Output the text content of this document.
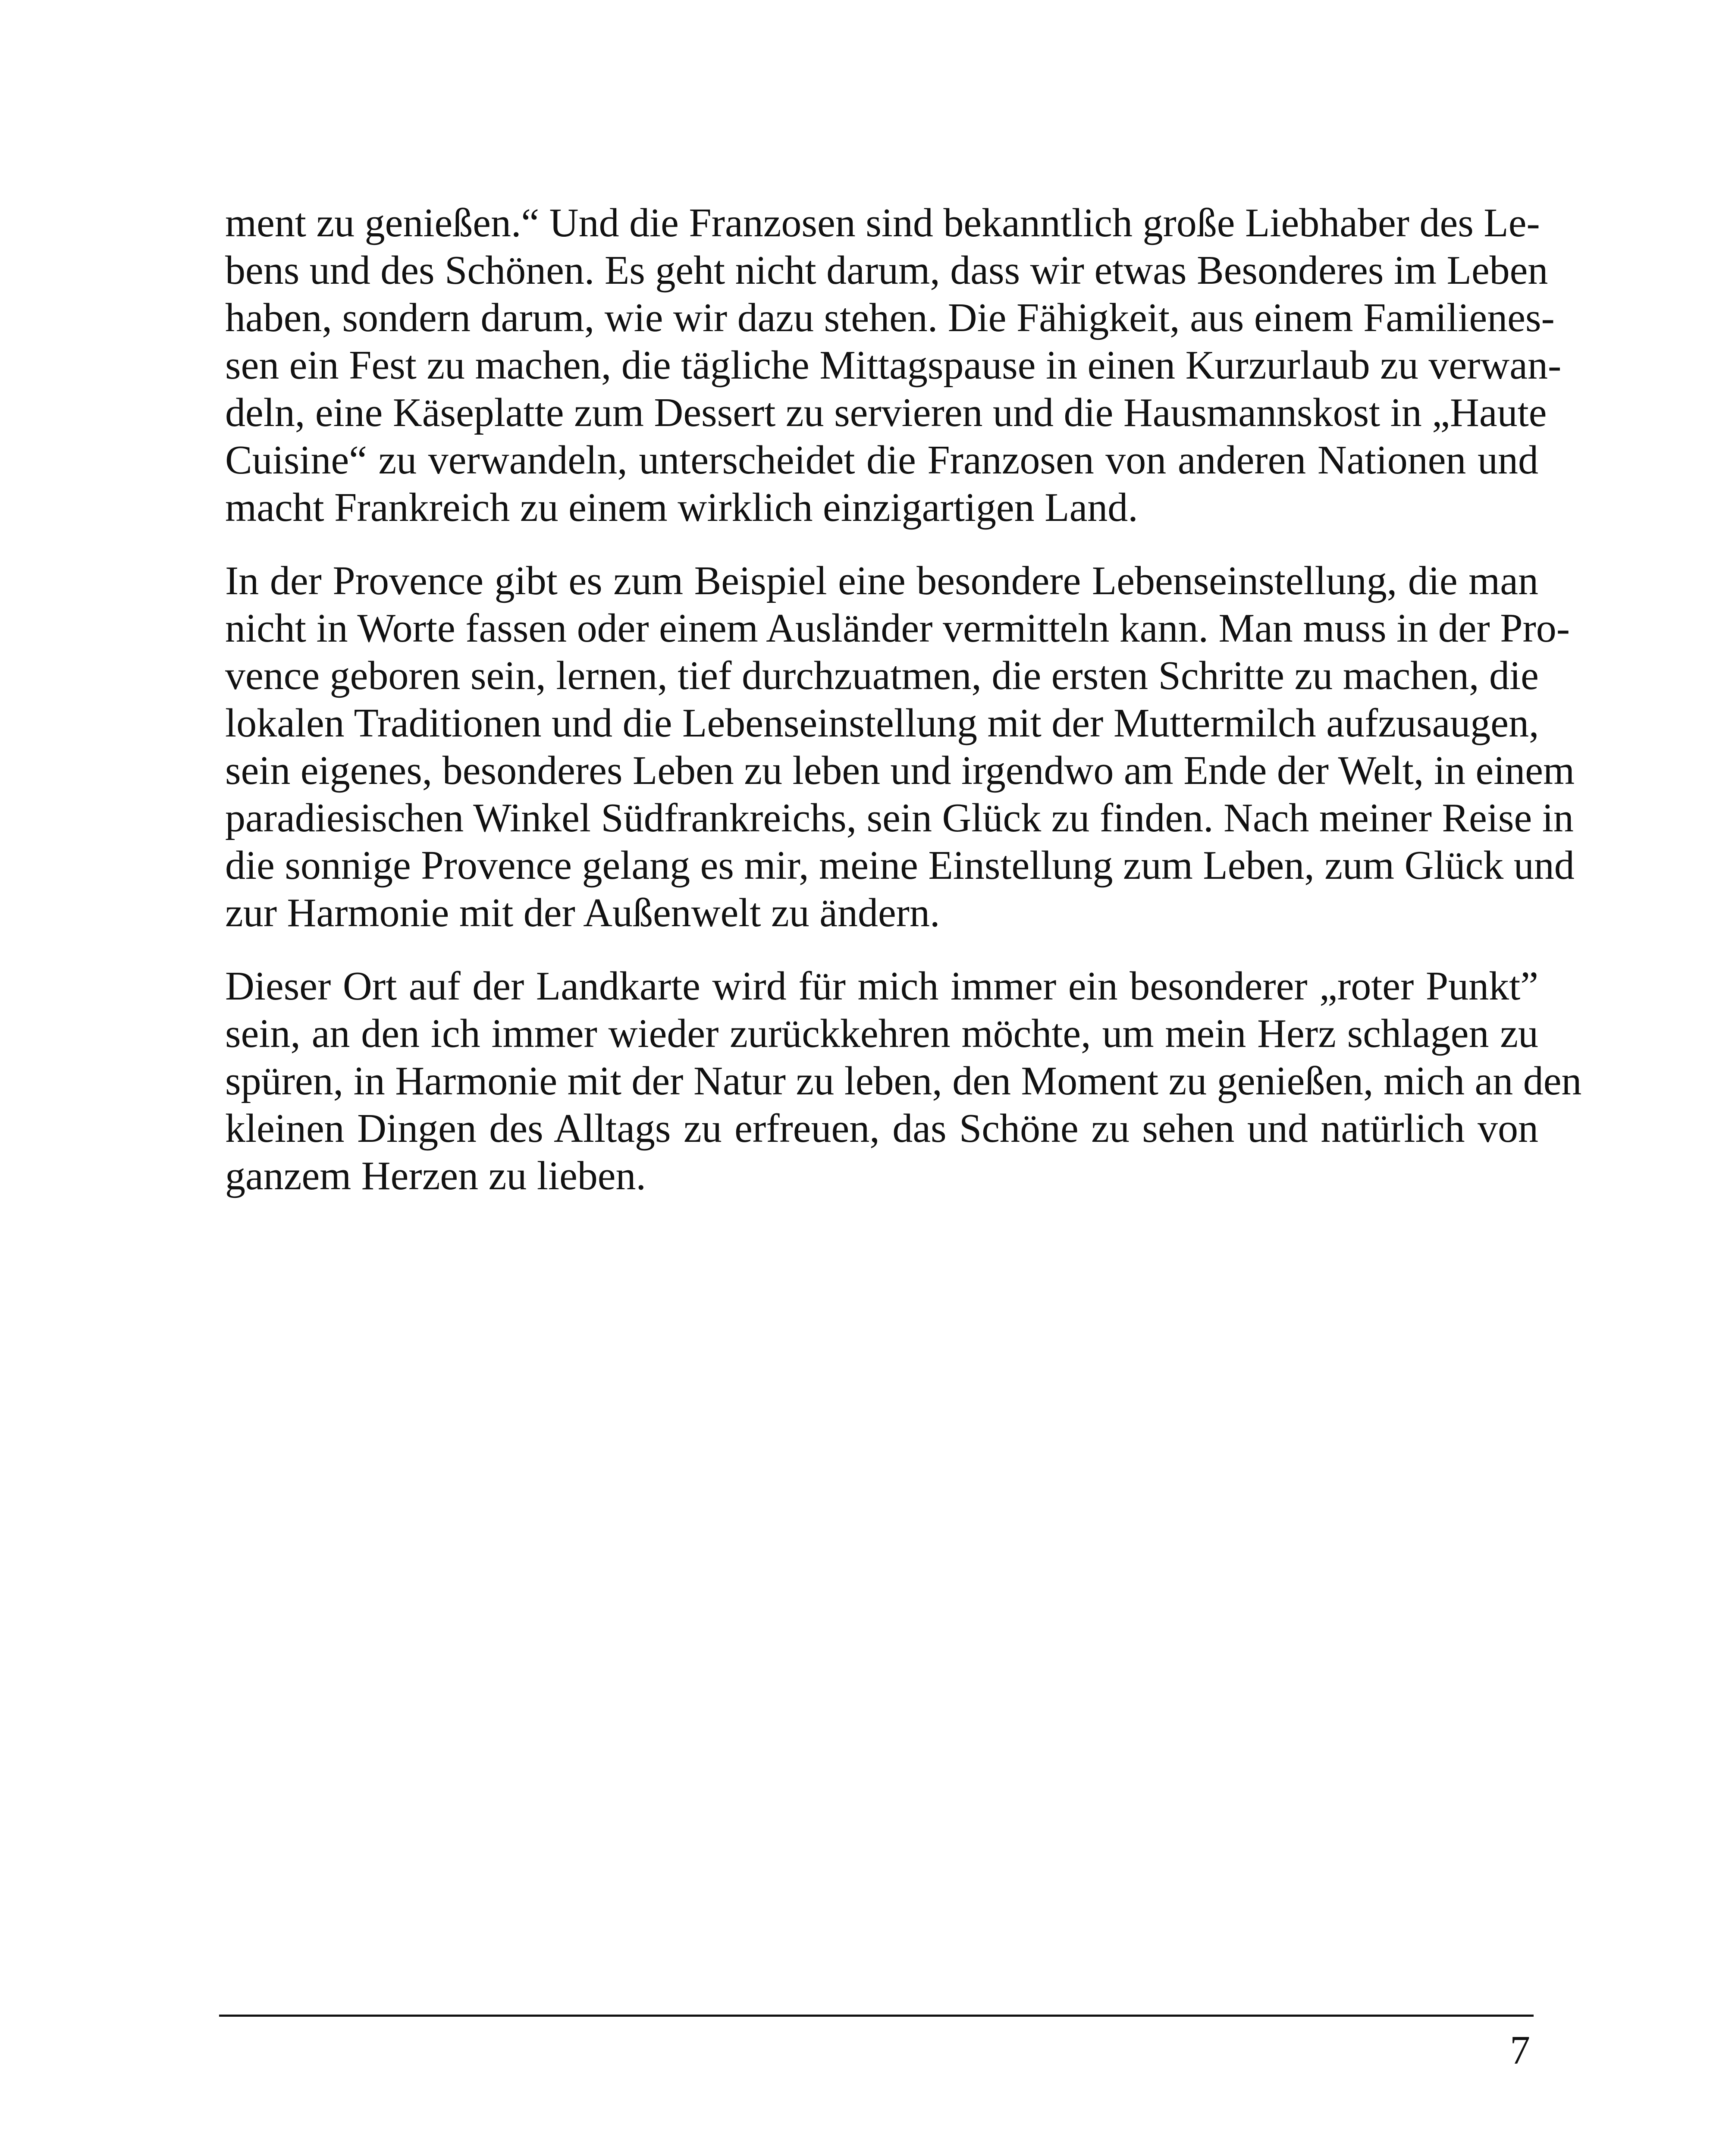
ment zu genießen.“ Und die Franzosen sind bekanntlich große Liebhaber des Le-
bens und des Schönen. Es geht nicht darum, dass wir etwas Besonderes im Leben
haben, sondern darum, wie wir dazu stehen. Die Fähigkeit, aus einem Familienes-
sen ein Fest zu machen, die tägliche Mittagspause in einen Kurzurlaub zu verwan-
deln, eine Käseplatte zum Dessert zu servieren und die Hausmannskost in „Haute
Cuisine“ zu verwandeln, unterscheidet die Franzosen von anderen Nationen und
macht Frankreich zu einem wirklich einzigartigen Land.

In der Provence gibt es zum Beispiel eine besondere Lebenseinstellung, die man
nicht in Worte fassen oder einem Ausländer vermitteln kann. Man muss in der Pro-
vence geboren sein, lernen, tief durchzuatmen, die ersten Schritte zu machen, die
lokalen Traditionen und die Lebenseinstellung mit der Muttermilch aufzusaugen,
sein eigenes, besonderes Leben zu leben und irgendwo am Ende der Welt, in einem
paradiesischen Winkel Südfrankreichs, sein Glück zu finden. Nach meiner Reise in
die sonnige Provence gelang es mir, meine Einstellung zum Leben, zum Glück und
zur Harmonie mit der Außenwelt zu ändern.

Dieser Ort auf der Landkarte wird für mich immer ein besonderer „roter Punkt”
sein, an den ich immer wieder zurückkehren möchte, um mein Herz schlagen zu
spüren, in Harmonie mit der Natur zu leben, den Moment zu genießen, mich an den
kleinen Dingen des Alltags zu erfreuen, das Schöne zu sehen und natürlich von
ganzem Herzen zu lieben.

7
